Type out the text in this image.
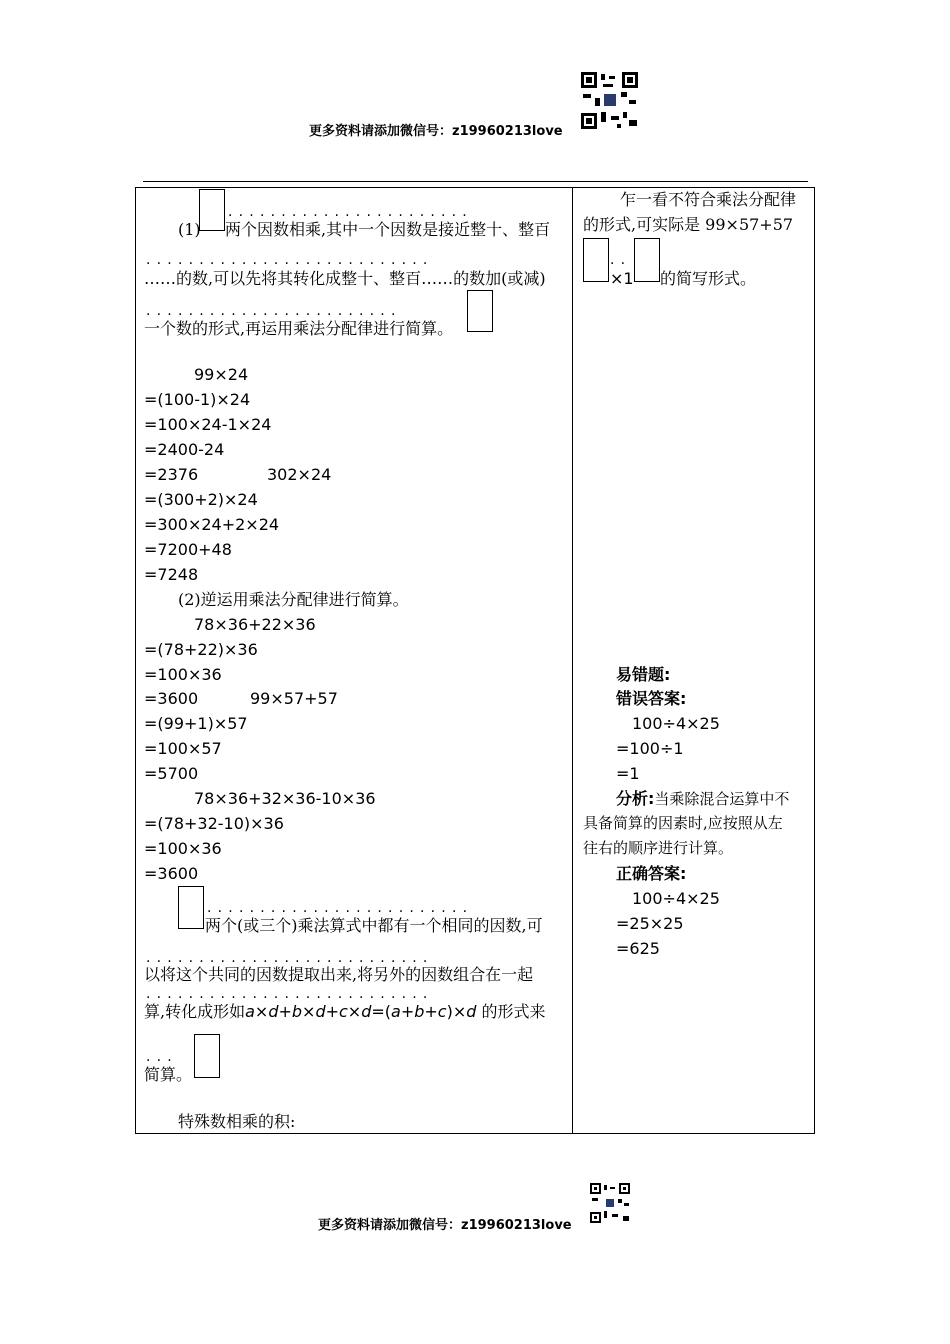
更多资料请添加微信号：z19960213love
.......................
(1) 两个因数相乘,其中一个因数是接近整十、整百
...........................
……的数,可以先将其转化成整十、整百……的数加(或减)
........................
一个数的形式,再运用乘法分配律进行简算。
99×24
=(100-1)×24
=100×24-1×24
=2400-24
=2376	302×24
=(300+2)×24
=300×24+2×24
=7200+48
=7248
(2)逆运用乘法分配律进行简算。
78×36+22×36
=(78+22)×36
=100×36
=3600	99×57+57
=(99+1)×57
=100×57
=5700
78×36+32×36-10×36
=(78+32-10)×36
=100×36
=3600
.........................
两个(或三个)乘法算式中都有一个相同的因数,可
...........................
以将这个共同的因数提取出来,将另外的因数组合在一起
...........................
算,转化成形如a×d+b×d+c×d=(a+b+c)×d 的形式来
...
简算。
特殊数相乘的积:
乍一看不符合乘法分配律
的形式,可实际是 99×57+57
..
×1 的简写形式。
易错题:
错误答案:
100÷4×25
=100÷1
=1
分析:当乘除混合运算中不
具备简算的因素时,应按照从左
往右的顺序进行计算。
正确答案:
100÷4×25
=25×25
=625
更多资料请添加微信号：z19960213love
